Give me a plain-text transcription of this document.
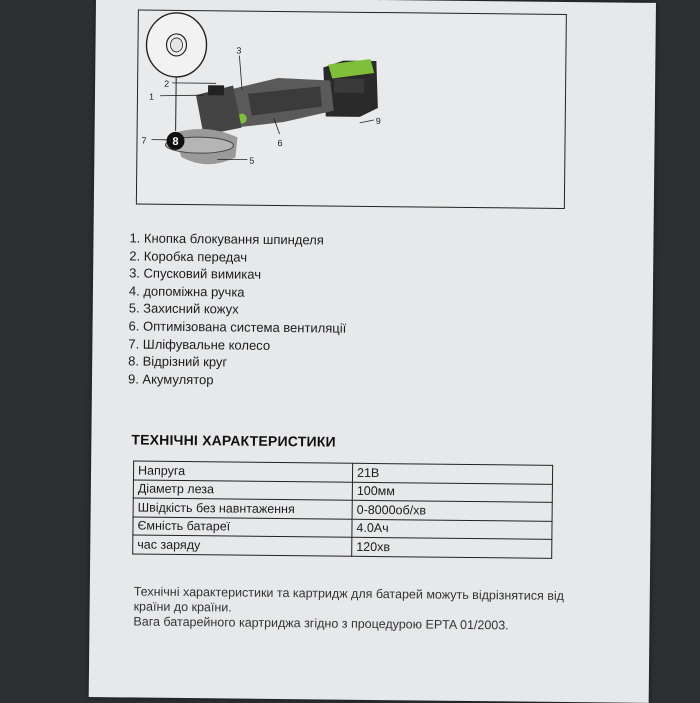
1
2
3
6
5
7
9
8
1. Кнопка блокування шпинделя
2. Коробка передач
3. Спусковий вимикач
4. допоміжна ручка
5. Захисний кожух
6. Оптимізована система вентиляції
7. Шліфувальне колесо
8. Відрізний круг
9. Акумулятор
ТЕХНІЧНІ ХАРАКТЕРИСТИКИ
Напруга	21В
Діаметр леза	100мм
Швідкість без навнтаження	0-8000об/хв
Ємність батареї	4.0Ач
час заряду	120хв
Технічні характеристики та картридж для батарей можуть відрізнятися від країни до країни.
Вага батарейного картриджа згідно з процедурою EPTA 01/2003.
